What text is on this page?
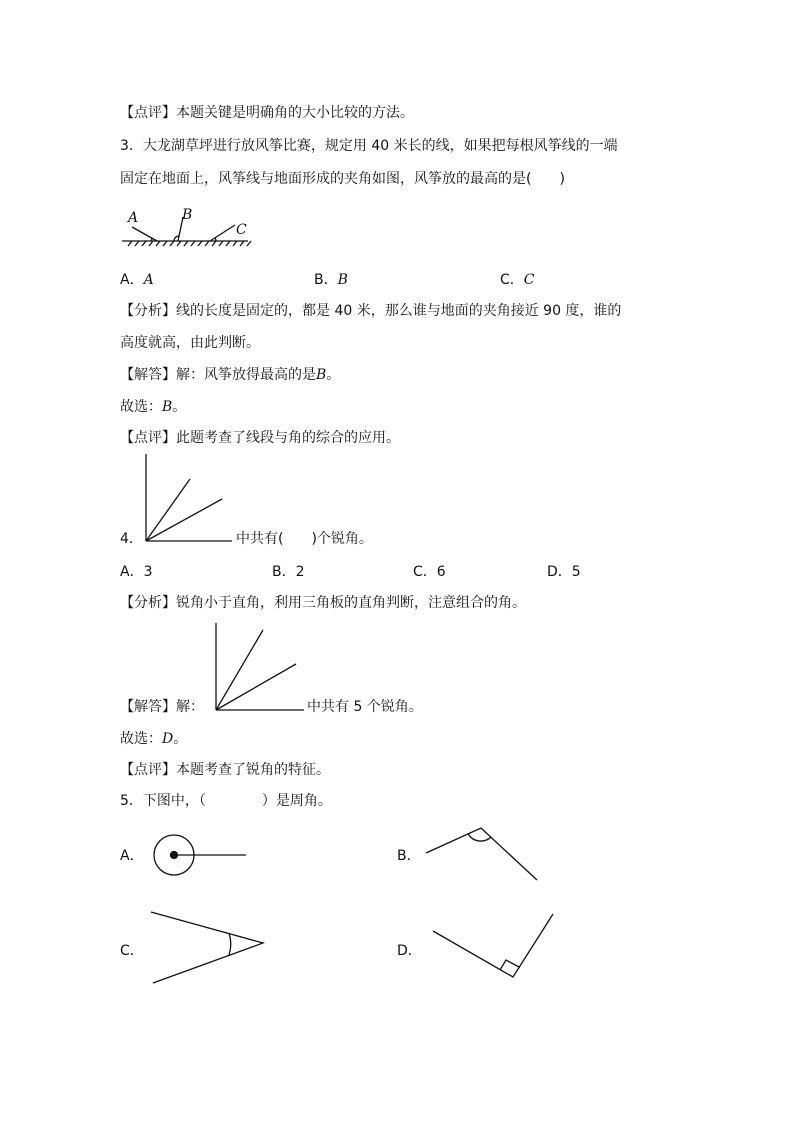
【点评】本题关键是明确角的大小比较的方法。
3．大龙湖草坪进行放风筝比赛，规定用 40 米长的线，如果把每根风筝线的一端
固定在地面上，风筝线与地面形成的夹角如图，风筝放的最高的是(　　)
A	B
C
A．A	B．B	C．C
【分析】线的长度是固定的，都是 40 米，那么谁与地面的夹角接近 90 度，谁的
高度就高，由此判断。
【解答】解：风筝放得最高的是B。
故选：B。
【点评】此题考查了线段与角的综合的应用。
4．	中共有(　　)个锐角。
A．3	B．2	C．6	D．5
【分析】锐角小于直角，利用三角板的直角判断，注意组合的角。
【解答】解：	中共有 5 个锐角。
故选：D。
【点评】本题考查了锐角的特征。
5．下图中，（　　　　）是周角。
A．	B．
C．	D．
